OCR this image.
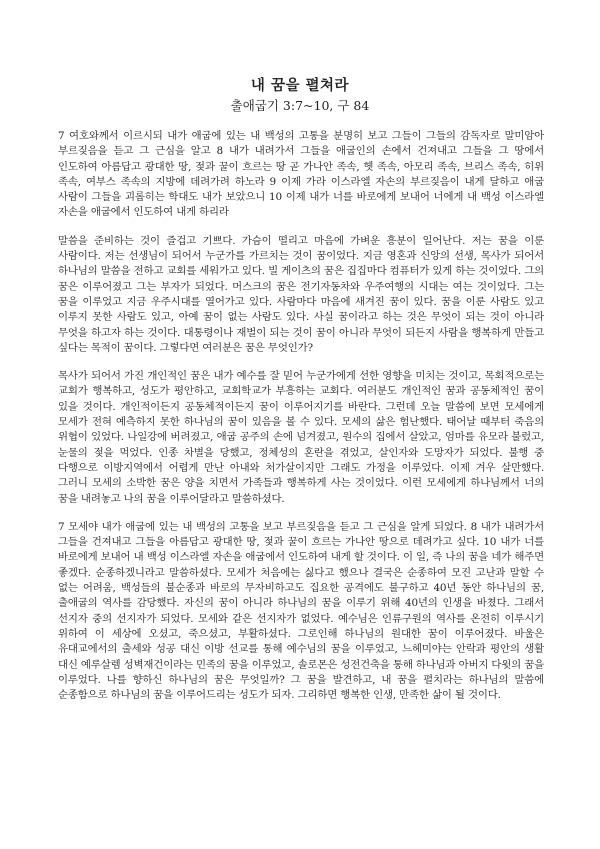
내 꿈을 펼쳐라
출애굽기 3:7~10, 구 84

7 여호와께서 이르시되 내가 애굽에 있는 내 백성의 고통을 분명히 보고 그들이 그들의 감독자로 말미암아 부르짖음을 듣고 그 근심을 알고 8 내가 내려가서 그들을 애굽인의 손에서 건져내고 그들을 그 땅에서 인도하여 아름답고 광대한 땅, 젖과 꿀이 흐르는 땅 곧 가나안 족속, 헷 족속, 아모리 족속, 브리스 족속, 히위 족속, 여부스 족속의 지방에 데려가려 하노라 9 이제 가라 이스라엘 자손의 부르짖음이 내게 달하고 애굽 사람이 그들을 괴롭히는 학대도 내가 보았으니 10 이제 내가 너를 바로에게 보내어 너에게 내 백성 이스라엘 자손을 애굽에서 인도하여 내게 하리라

말씀을 준비하는 것이 즐겁고 기쁘다. 가슴이 떨리고 마음에 가벼운 흥분이 일어난다. 저는 꿈을 이룬 사람이다. 저는 선생님이 되어서 누군가를 가르치는 것이 꿈이었다. 지금 영혼과 신앙의 선생, 목사가 되어서 하나님의 말씀을 전하고 교회를 세워가고 있다. 빌 게이츠의 꿈은 집집마다 컴퓨터가 있게 하는 것이었다. 그의 꿈은 이루어졌고 그는 부자가 되었다. 머스크의 꿈은 전기자동차와 우주여행의 시대는 여는 것이었다. 그는 꿈을 이루었고 지금 우주시대를 열어가고 있다. 사람마다 마음에 새겨진 꿈이 있다. 꿈을 이룬 사람도 있고 이루지 못한 사람도 있고, 아예 꿈이 없는 사람도 있다. 사실 꿈이라고 하는 것은 무엇이 되는 것이 아니라 무엇을 하고자 하는 것이다. 대통령이나 재벌이 되는 것이 꿈이 아니라 무엇이 되든지 사람을 행복하게 만들고 싶다는 목적이 꿈이다. 그렇다면 여러분은 꿈은 무엇인가?

목사가 되어서 가진 개인적인 꿈은 내가 예수를 잘 믿어 누군가에게 선한 영향을 미치는 것이고, 목회적으로는 교회가 행복하고, 성도가 평안하고, 교회학교가 부흥하는 교회다. 여러분도 개인적인 꿈과 공동체적인 꿈이 있을 것이다. 개인적이든지 공동체적이든지 꿈이 이루어지기를 바란다. 그런데 오늘 말씀에 보면 모세에게 모세가 전혀 예측하지 못한 하나님의 꿈이 있음을 볼 수 있다. 모세의 삶은 험난했다. 태어날 때부터 죽음의 위협이 있었다. 나일강에 버려졌고, 애굽 공주의 손에 넘겨졌고, 원수의 집에서 살았고, 엄마를 유모라 불렀고, 눈물의 젖을 먹었다. 인종 차별을 당했고, 정체성의 혼란을 겪었고, 살인자와 도망자가 되었다. 불행 중 다행으로 이방지역에서 어렵게 만난 아내와 처가살이지만 그래도 가정을 이루었다. 이제 겨우 살만했다. 그러니 모세의 소박한 꿈은 양을 치면서 가족들과 행복하게 사는 것이었다. 이런 모세에게 하나님께서 너의 꿈을 내려놓고 나의 꿈을 이루어달라고 말씀하셨다.

7 모세야 내가 애굽에 있는 내 백성의 고통을 보고 부르짖음을 듣고 그 근심을 알게 되었다. 8 내가 내려가서 그들을 건져내고 그들을 아름답고 광대한 땅, 젖과 꿀이 흐르는 가나안 땅으로 데려가고 싶다. 10 내가 너를 바로에게 보내어 내 백성 이스라엘 자손을 애굽에서 인도하여 내게 할 것이다. 이 일, 즉 나의 꿈을 네가 해주면 좋겠다. 순종하겠니라고 말씀하셨다. 모세가 처음에는 싫다고 했으나 결국은 순종하여 모진 고난과 말할 수 없는 어려움, 백성들의 불순종과 바로의 무자비하고도 집요한 공격에도 불구하고 40년 동안 하나님의 꿈, 출애굽의 역사를 감당했다. 자신의 꿈이 아니라 하나님의 꿈을 이루기 위해 40년의 인생을 바쳤다. 그래서 선지자 중의 선지자가 되었다. 모세와 같은 선지자가 없었다. 예수님은 인류구원의 역사를 온전히 이루시기 위하여 이 세상에 오셨고, 죽으셨고, 부활하셨다. 그로인해 하나님의 원대한 꿈이 이루어졌다. 바울은 유대교에서의 출세와 성공 대신 이방 선교를 통해 예수님의 꿈을 이루었고, 느헤미야는 안락과 평안의 생활 대신 예루살렘 성벽재건이라는 민족의 꿈을 이루었고, 솔로몬은 성전건축을 통해 하나님과 아버지 다윗의 꿈을 이루었다. 나를 향하신 하나님의 꿈은 무엇일까? 그 꿈을 발견하고, 내 꿈을 펼치라는 하나님의 말씀에 순종함으로 하나님의 꿈을 이루어드리는 성도가 되자. 그리하면 행복한 인생, 만족한 삶이 될 것이다.
